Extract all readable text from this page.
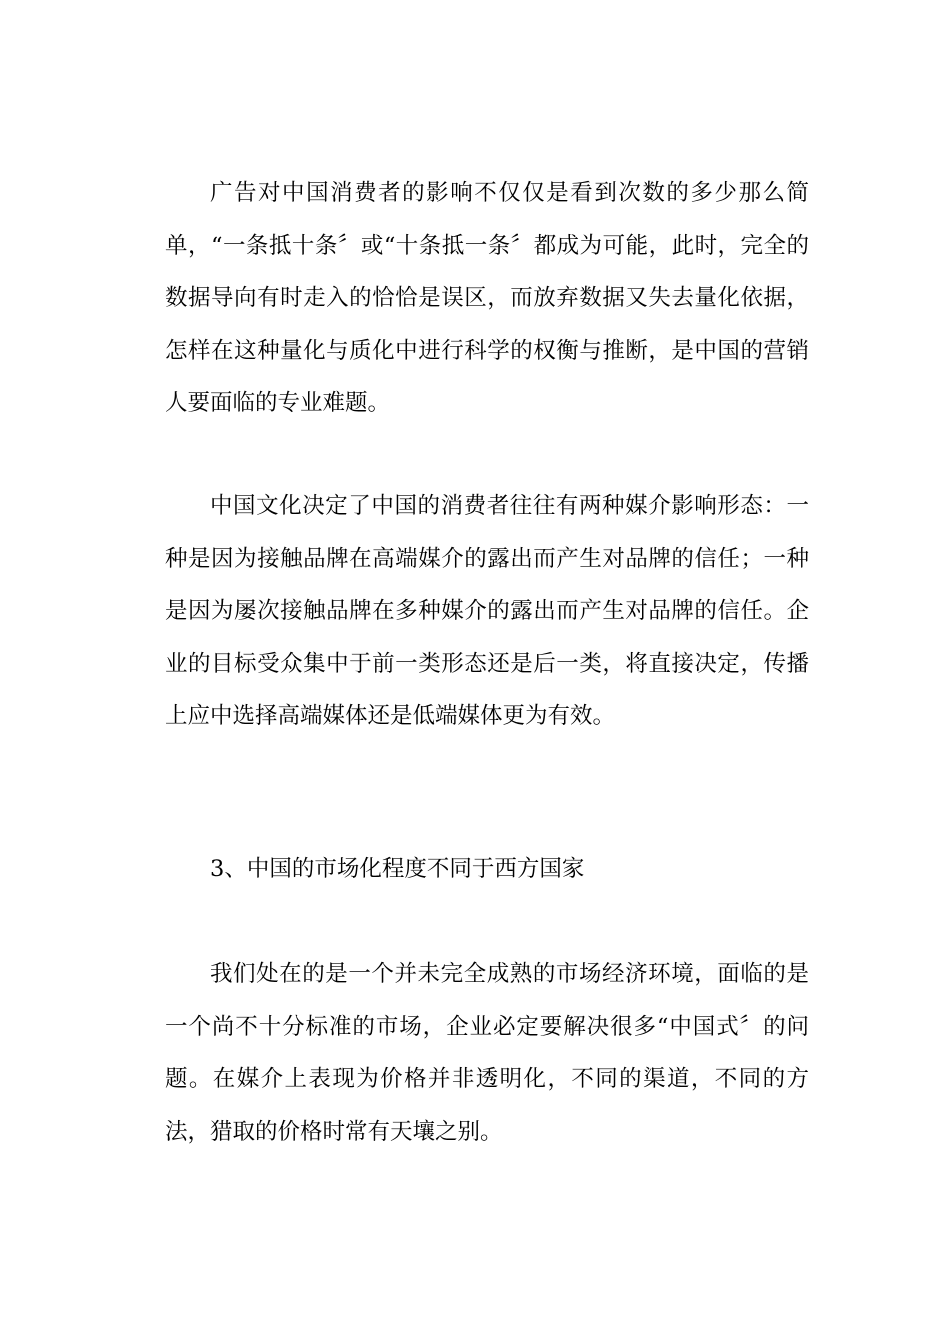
广告对中国消费者的影响不仅仅是看到次数的多少那么简单，“一条抵十条〞或“十条抵一条〞都成为可能，此时，完全的数据导向有时走入的恰恰是误区，而放弃数据又失去量化依据，怎样在这种量化与质化中进行科学的权衡与推断，是中国的营销人要面临的专业难题。

中国文化决定了中国的消费者往往有两种媒介影响形态：一种是因为接触品牌在高端媒介的露出而产生对品牌的信任；一种是因为屡次接触品牌在多种媒介的露出而产生对品牌的信任。企业的目标受众集中于前一类形态还是后一类，将直接决定，传播上应中选择高端媒体还是低端媒体更为有效。

3、中国的市场化程度不同于西方国家

我们处在的是一个并未完全成熟的市场经济环境，面临的是一个尚不十分标准的市场，企业必定要解决很多“中国式〞的问题。在媒介上表现为价格并非透明化，不同的渠道，不同的方法，猎取的价格时常有天壤之别。
